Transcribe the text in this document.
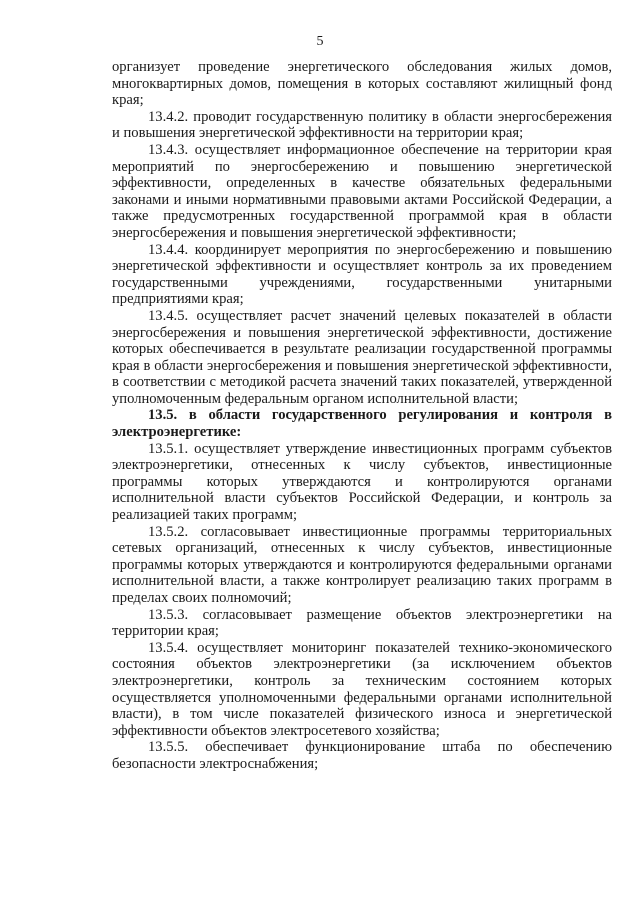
5

организует проведение энергетического обследования жилых домов, многоквартирных домов, помещения в которых составляют жилищный фонд края;

13.4.2. проводит государственную политику в области энергосбережения и повышения энергетической эффективности на территории края;

13.4.3. осуществляет информационное обеспечение на территории края мероприятий по энергосбережению и повышению энергетической эффективности, определенных в качестве обязательных федеральными законами и иными нормативными правовыми актами Российской Федерации, а также предусмотренных государственной программой края в области энергосбережения и повышения энергетической эффективности;

13.4.4. координирует мероприятия по энергосбережению и повышению энергетической эффективности и осуществляет контроль за их проведением государственными учреждениями, государственными унитарными предприятиями края;

13.4.5. осуществляет расчет значений целевых показателей в области энергосбережения и повышения энергетической эффективности, достижение которых обеспечивается в результате реализации государственной программы края в области энергосбережения и повышения энергетической эффективности, в соответствии с методикой расчета значений таких показателей, утвержденной уполномоченным федеральным органом исполнительной власти;

13.5. в области государственного регулирования и контроля в электроэнергетике:

13.5.1. осуществляет утверждение инвестиционных программ субъектов электроэнергетики, отнесенных к числу субъектов, инвестиционные программы которых утверждаются и контролируются органами исполнительной власти субъектов Российской Федерации, и контроль за реализацией таких программ;

13.5.2. согласовывает инвестиционные программы территориальных сетевых организаций, отнесенных к числу субъектов, инвестиционные программы которых утверждаются и контролируются федеральными органами исполнительной власти, а также контролирует реализацию таких программ в пределах своих полномочий;

13.5.3. согласовывает размещение объектов электроэнергетики на территории края;

13.5.4. осуществляет мониторинг показателей технико-экономического состояния объектов электроэнергетики (за исключением объектов электроэнергетики, контроль за техническим состоянием которых осуществляется уполномоченными федеральными органами исполнительной власти), в том числе показателей физического износа и энергетической эффективности объектов электросетевого хозяйства;

13.5.5. обеспечивает функционирование штаба по обеспечению безопасности электроснабжения;
